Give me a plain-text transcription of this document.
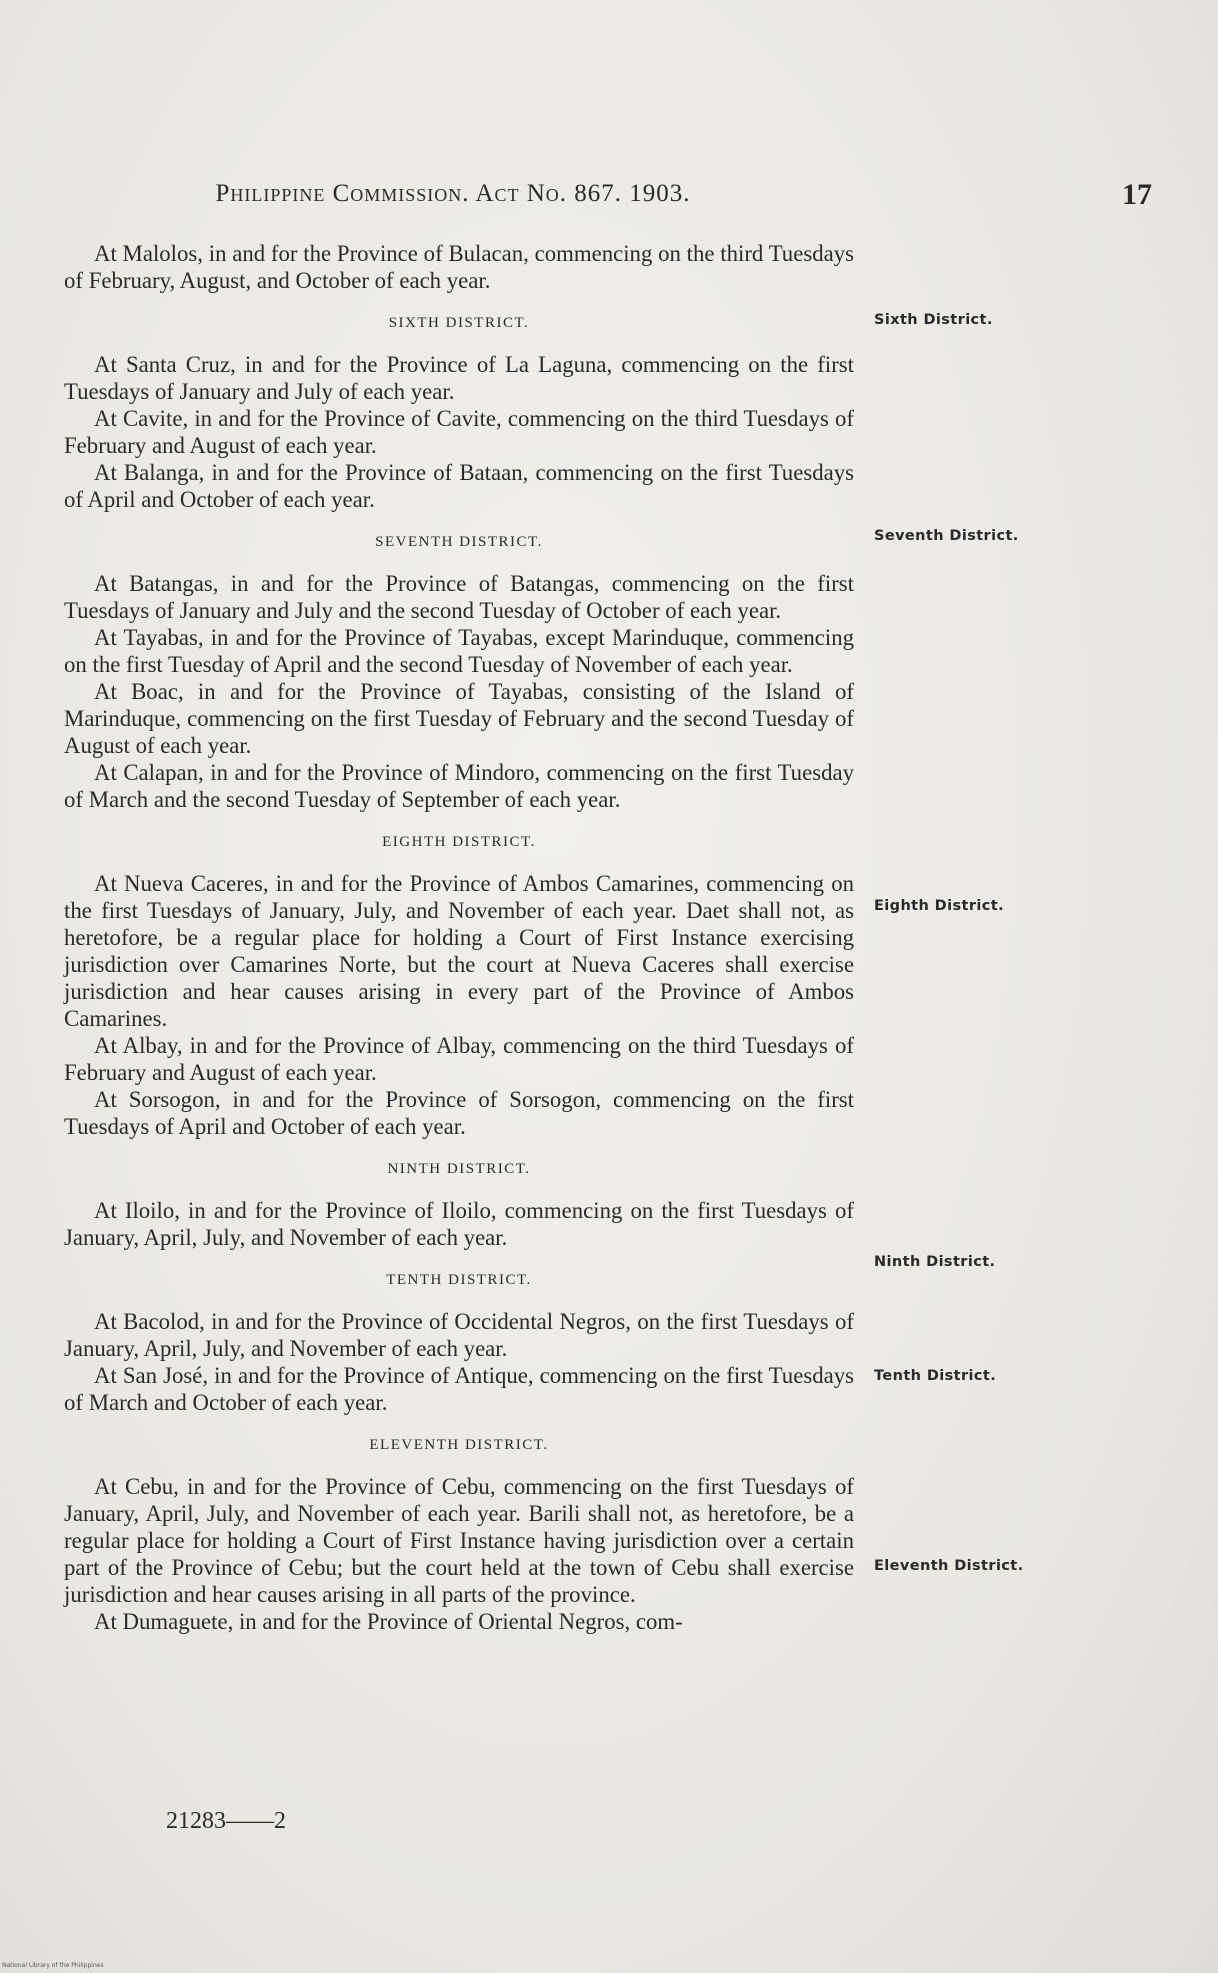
Philippine Commission. Act No. 867. 1903.	17
Sixth District.
Seventh District.
Eighth District.
Ninth District.
Tenth District.
Eleventh District.

At Malolos, in and for the Province of Bulacan, commencing on the third Tuesdays of February, August, and October of each year.

SIXTH DISTRICT.

At Santa Cruz, in and for the Province of La Laguna, commencing on the first Tuesdays of January and July of each year.

At Cavite, in and for the Province of Cavite, commencing on the third Tuesdays of February and August of each year.

At Balanga, in and for the Province of Bataan, commencing on the first Tuesdays of April and October of each year.

SEVENTH DISTRICT.

At Batangas, in and for the Province of Batangas, commencing on the first Tuesdays of January and July and the second Tuesday of October of each year.

At Tayabas, in and for the Province of Tayabas, except Marinduque, commencing on the first Tuesday of April and the second Tuesday of November of each year.

At Boac, in and for the Province of Tayabas, consisting of the Island of Marinduque, commencing on the first Tuesday of February and the second Tuesday of August of each year.

At Calapan, in and for the Province of Mindoro, commencing on the first Tuesday of March and the second Tuesday of September of each year.

EIGHTH DISTRICT.

At Nueva Caceres, in and for the Province of Ambos Camarines, commencing on the first Tuesdays of January, July, and November of each year. Daet shall not, as heretofore, be a regular place for holding a Court of First Instance exercising jurisdiction over Camarines Norte, but the court at Nueva Caceres shall exercise jurisdiction and hear causes arising in every part of the Province of Ambos Camarines.

At Albay, in and for the Province of Albay, commencing on the third Tuesdays of February and August of each year.

At Sorsogon, in and for the Province of Sorsogon, commencing on the first Tuesdays of April and October of each year.

NINTH DISTRICT.

At Iloilo, in and for the Province of Iloilo, commencing on the first Tuesdays of January, April, July, and November of each year.

TENTH DISTRICT.

At Bacolod, in and for the Province of Occidental Negros, on the first Tuesdays of January, April, July, and November of each year.

At San José, in and for the Province of Antique, commencing on the first Tuesdays of March and October of each year.

ELEVENTH DISTRICT.

At Cebu, in and for the Province of Cebu, commencing on the first Tuesdays of January, April, July, and November of each year. Barili shall not, as heretofore, be a regular place for holding a Court of First Instance having jurisdiction over a certain part of the Province of Cebu; but the court held at the town of Cebu shall exercise jurisdiction and hear causes arising in all parts of the province.

At Dumaguete, in and for the Province of Oriental Negros, com-

21283——2
National Library of the Philippines
